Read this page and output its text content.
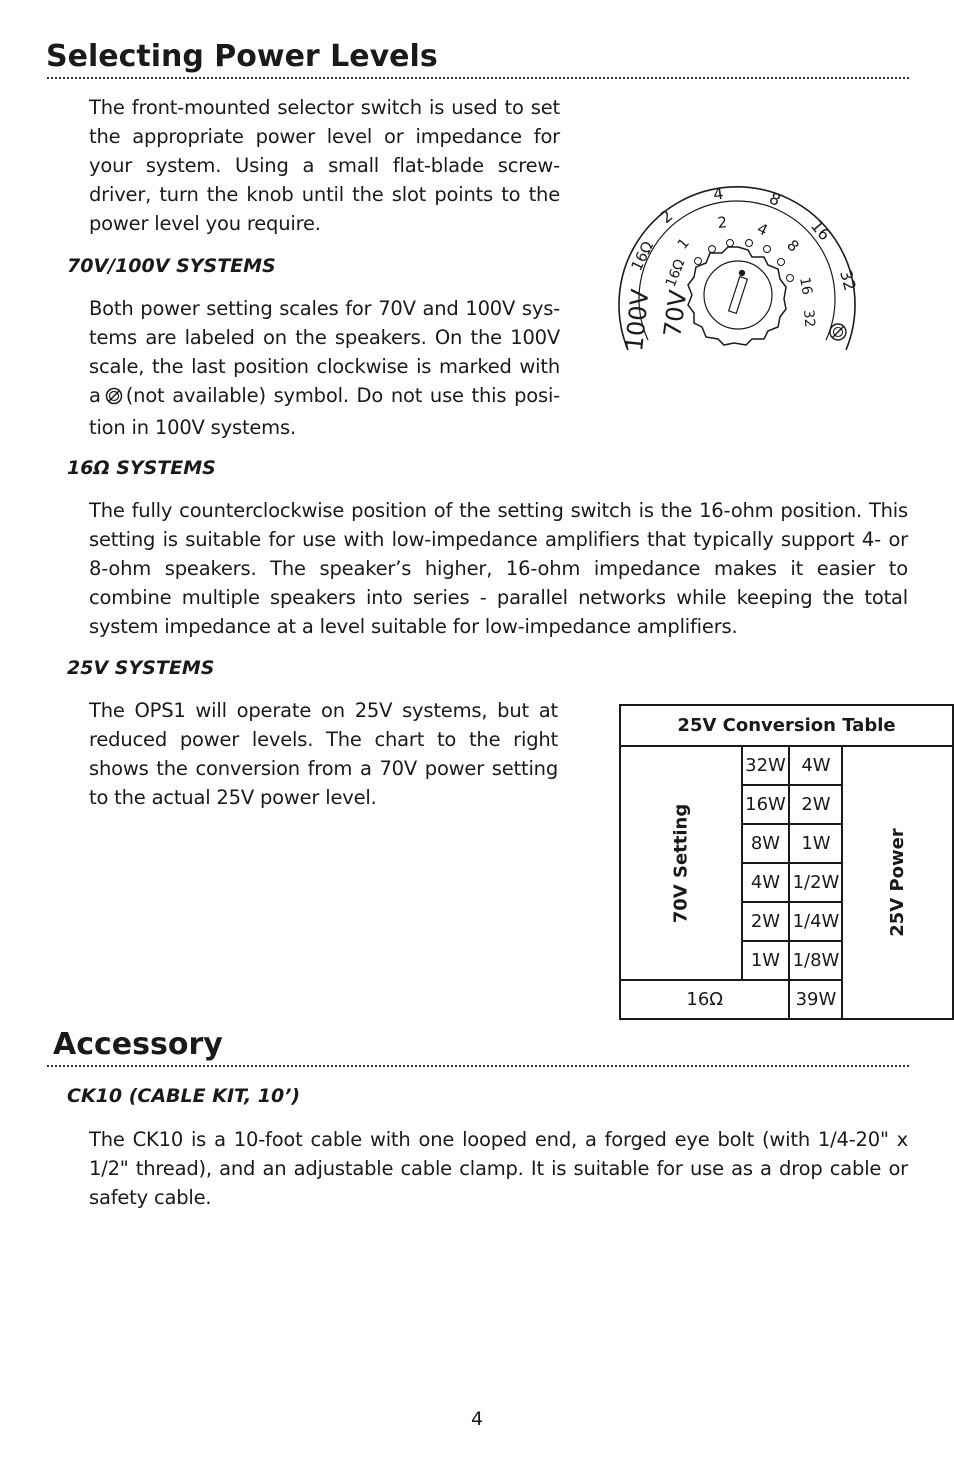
Selecting Power Levels

The front-mounted selector switch is used to set the appropriate power level or impedance for your system. Using a small flat-blade screw-driver, turn the knob until the slot points to the power level you require.

70V/100V SYSTEMS

Both power setting scales for 70V and 100V sys-tems are labeled on the speakers. On the 100V scale, the last position clockwise is marked with a (not available) symbol. Do not use this posi-tion in 100V systems.

100V 70V
16Ω
2
4	8
16
32
16Ω
1
2 4
8
16
32

16Ω SYSTEMS

The fully counterclockwise position of the setting switch is the 16-ohm position. This setting is suitable for use with low-impedance amplifiers that typically support 4- or 8-ohm speakers. The speaker’s higher, 16-ohm impedance makes it easier to combine multiple speakers into series - parallel networks while keeping the total system impedance at a level suitable for low-impedance amplifiers.

25V SYSTEMS

The OPS1 will operate on 25V systems, but at reduced power levels. The chart to the right shows the conversion from a 70V power setting to the actual 25V power level.

25V Conversion Table			
70V Setting	32W	4W	25V Power
	16W	2W	
	8W	1W	
	4W	1/2W	
	2W	1/4W	
	1W	1/8W	
16Ω		39W	
Accessory

CK10 (CABLE KIT, 10’)

The CK10 is a 10-foot cable with one looped end, a forged eye bolt (with 1/4-20" x 1/2" thread), and an adjustable cable clamp. It is suitable for use as a drop cable or safety cable.

4
